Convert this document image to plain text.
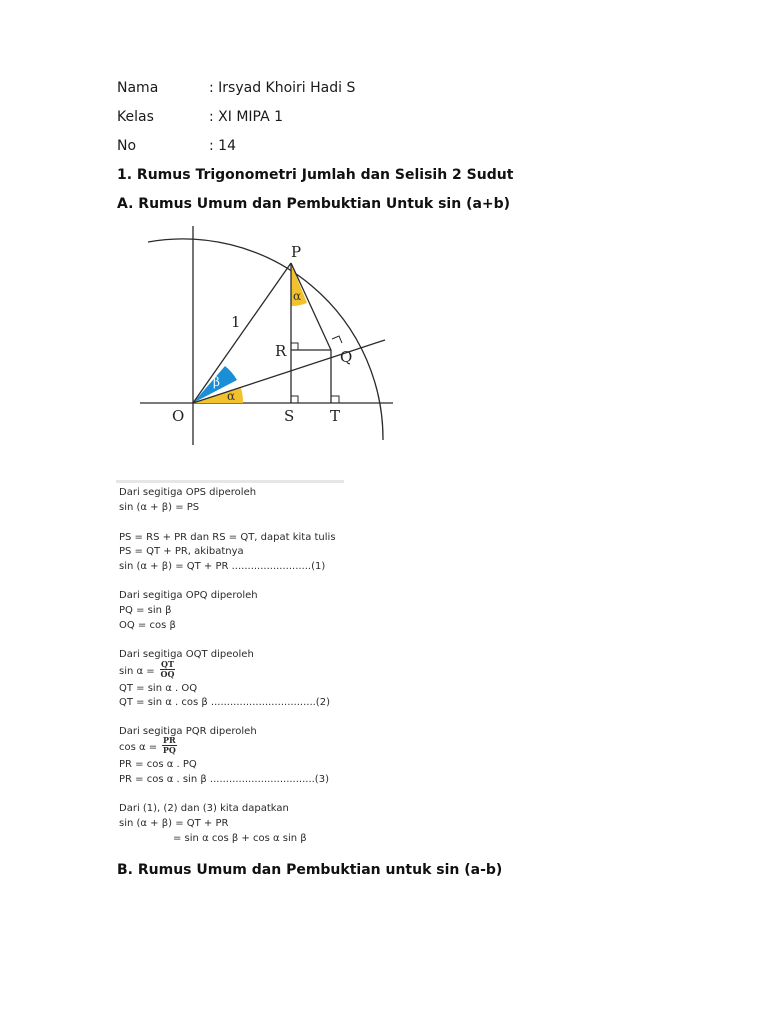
Nama	: Irsyad Khoiri Hadi S
Kelas	: XI MIPA 1
No	: 14
1. Rumus Trigonometri Jumlah dan Selisih 2 Sudut
A. Rumus Umum dan Pembuktian Untuk sin (a+b)
P
Q
R
O	S T
1
α
α
β
Dari segitiga OPS diperoleh
sin (α + β) = PS
PS = RS + PR dan RS = QT, dapat kita tulis
PS = QT + PR, akibatnya
sin (α + β) = QT + PR .........................(1)
Dari segitiga OPQ diperoleh
PQ = sin β
OQ = cos β
Dari segitiga OQT dipeoleh
$\sin \alpha = \frac{QT}{OQ}$
QT = sin α . OQ
QT = sin α . cos β .................................(2)
Dari segitiga PQR diperoleh
$\cos \alpha = \frac{PR}{PQ}$
PR = cos α . PQ
PR = cos α . sin β .................................(3)
Dari (1), (2) dan (3) kita dapatkan
sin (α + β) = QT + PR
= sin α cos β + cos α sin β
B. Rumus Umum dan Pembuktian untuk sin (a-b)
